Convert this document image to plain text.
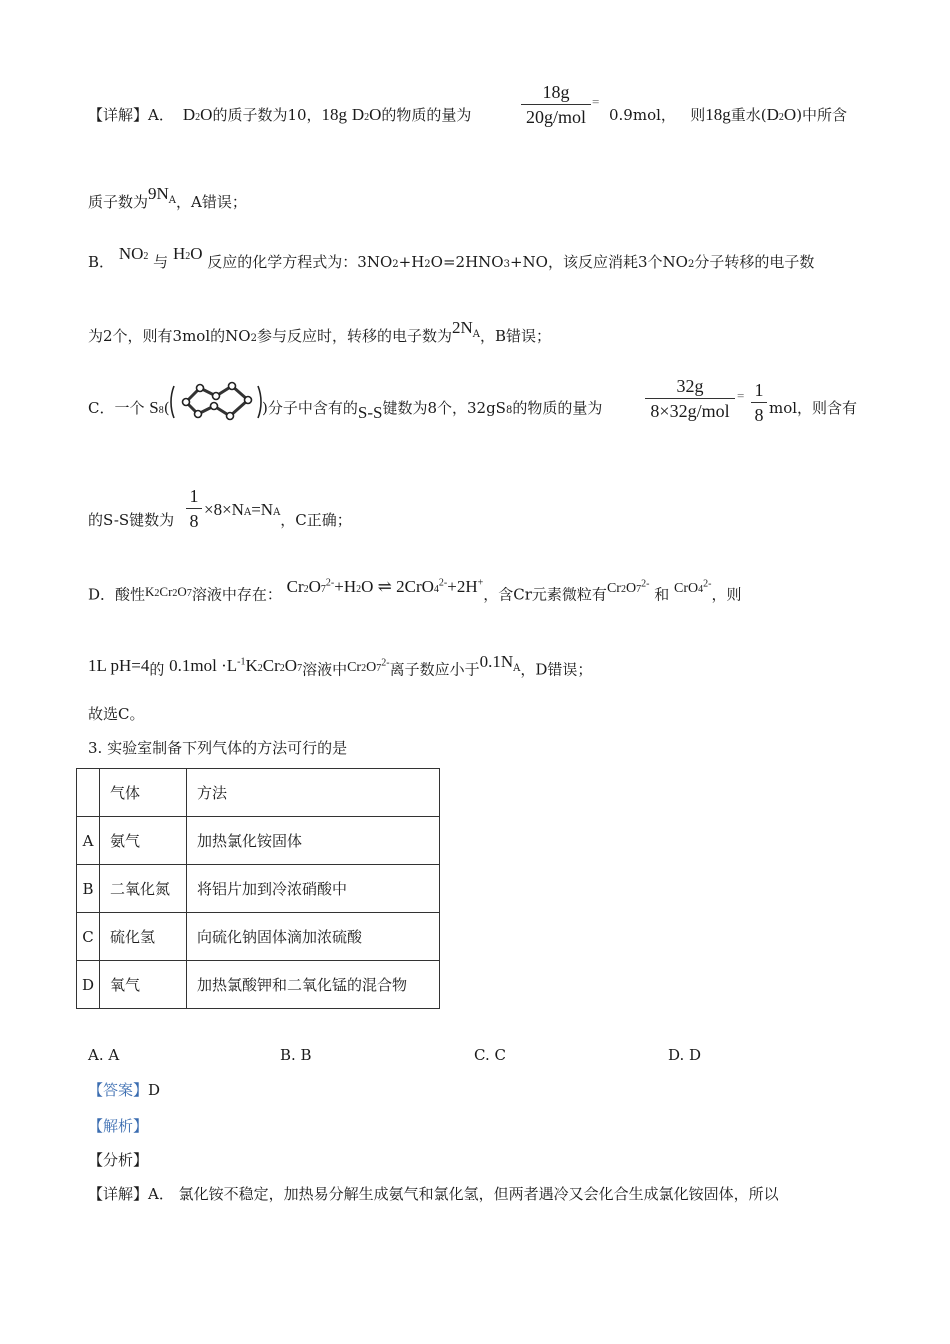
【详解】A．  D2O的质子数为10，18g D2O的物质的量为
18g
20g/mol
=
0.9mol， 则18g重水(D2O)中所含
质子数为$9N^A$，A错误；
B． NO2 与 H2O 反应的化学方程式为：3NO2+H2O=2HNO3+NO，该反应消耗3个NO2分子转移的电子数
为2个，则有3mol的NO2参与反应时，转移的电子数为$2N^A$，B错误；
C．一个 S8(	)分子中含有的S-S键数为8个，32gS8的物质的量为
32g
8×32g/mol
= $\frac{1}{8}$ mol，则含有
的S-S键数为 $\frac{1}{8} \times 8\times NA=NA$，C正确；
D．酸性K2Cr2O7溶液中存在： $Cr2O7^{2-}+H2O$ ⇌ $2CrO4^{2-}+2H^+$，含Cr元素微粒有$Cr2O7^{2-}$ 和 $CrO4^{2-}$，则
1L pH=4的 $0.1mol \cdot L^{-1}K2Cr2O7$溶液中$Cr2O7^{2-}$离子数应小于$0.1N^A$，D错误；
故选C。
3. 实验室制备下列气体的方法可行的是
	气体	方法
A	氨气	加热氯化铵固体
B	二氧化氮	将铝片加到冷浓硝酸中
C	硫化氢	向硫化钠固体滴加浓硫酸
D	氧气	加热氯酸钾和二氧化锰的混合物
A. A	B. B	C. C	D. D
【答案】D
【解析】
【分析】
【详解】A． 氯化铵不稳定，加热易分解生成氨气和氯化氢，但两者遇冷又会化合生成氯化铵固体，所以
